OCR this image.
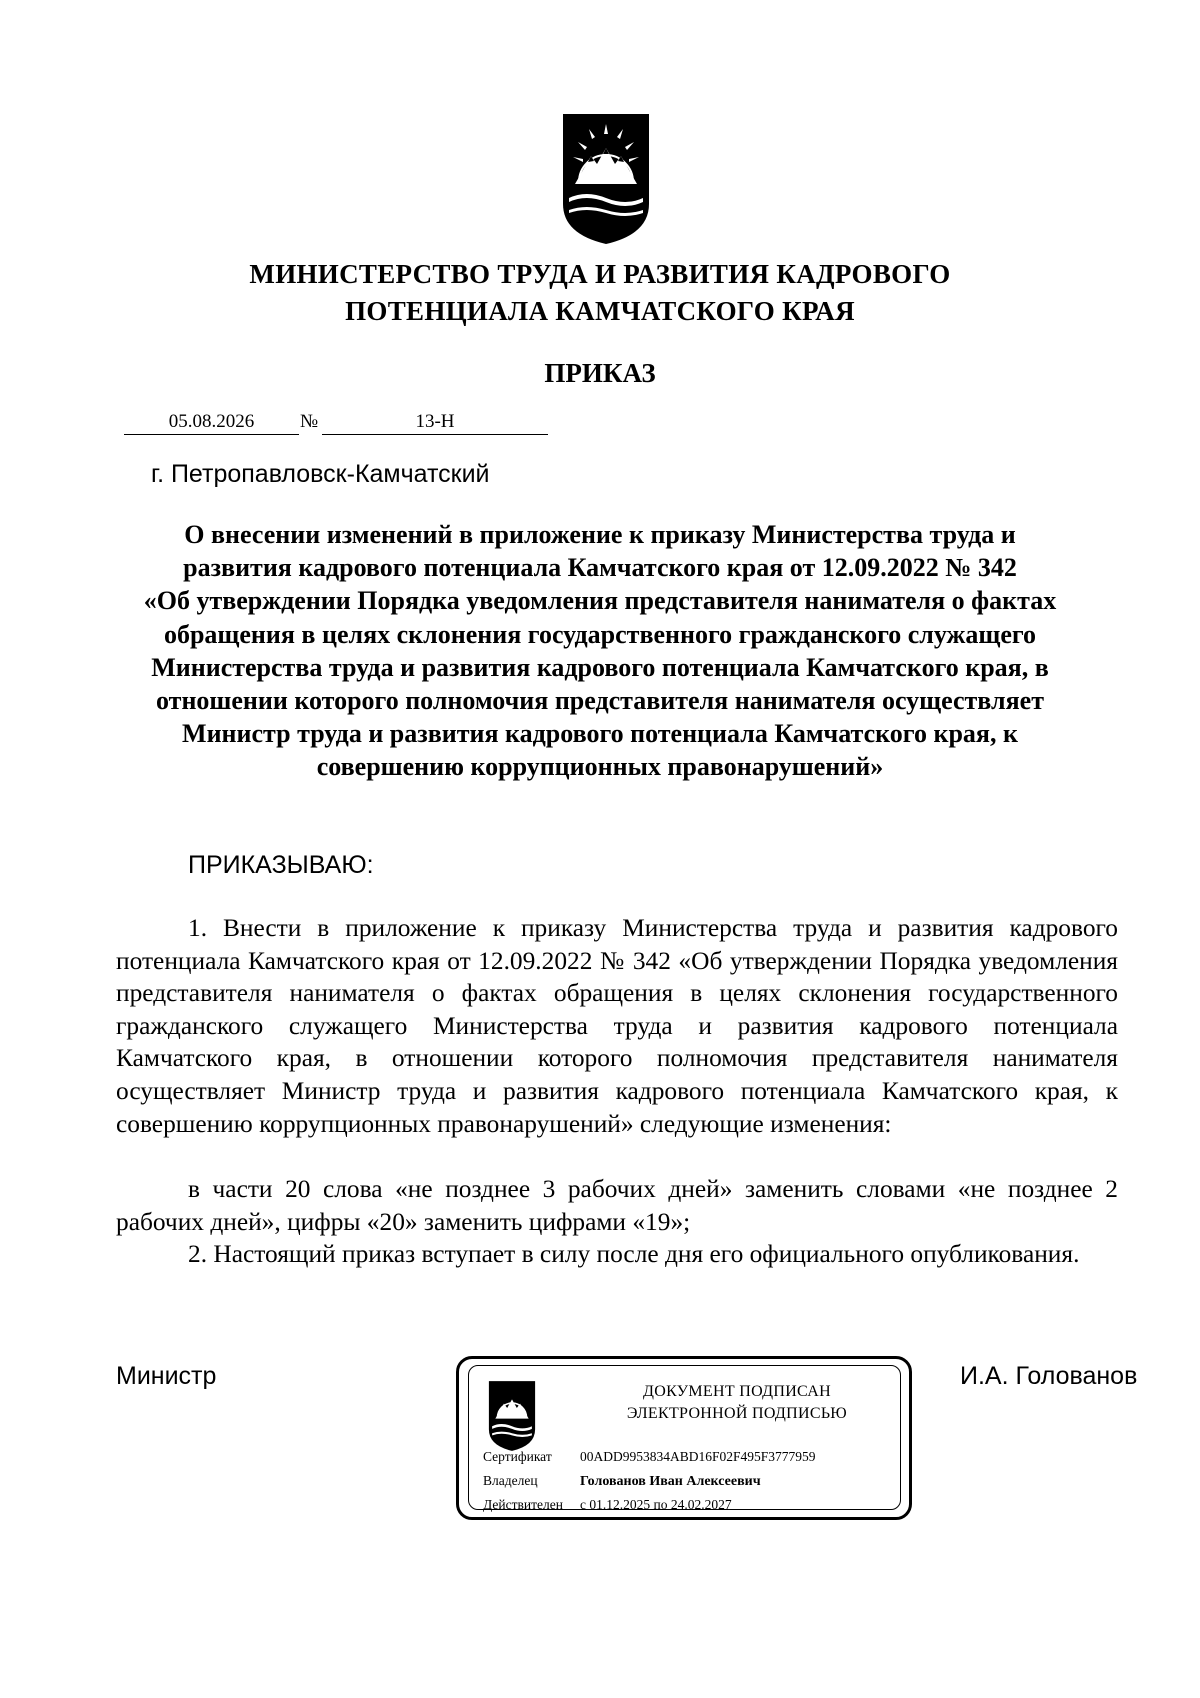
МИНИСТЕРСТВО ТРУДА И РАЗВИТИЯ КАДРОВОГО
ПОТЕНЦИАЛА КАМЧАТСКОГО КРАЯ
ПРИКАЗ
05.08.2026	№	13-Н
г. Петропавловск-Камчатский
О внесении изменений в приложение к приказу Министерства труда и
развития кадрового потенциала Камчатского края от 12.09.2022 № 342
«Об утверждении Порядка уведомления представителя нанимателя о фактах
обращения в целях склонения государственного гражданского служащего
Министерства труда и развития кадрового потенциала Камчатского края, в
отношении которого полномочия представителя нанимателя осуществляет
Министр труда и развития кадрового потенциала Камчатского края, к
совершению коррупционных правонарушений»
ПРИКАЗЫВАЮ:
1. Внести в приложение к приказу Министерства труда и развития кадрового потенциала Камчатского края от 12.09.2022 № 342 «Об утверждении Порядка уведомления представителя нанимателя о фактах обращения в целях склонения государственного гражданского служащего Министерства труда и развития кадрового потенциала Камчатского края, в отношении которого полномочия представителя нанимателя осуществляет Министр труда и развития кадрового потенциала Камчатского края, к совершению коррупционных правонарушений» следующие изменения:
в части 20 слова «не позднее 3 рабочих дней» заменить словами «не позднее 2 рабочих дней», цифры «20» заменить цифрами «19»;
2. Настоящий приказ вступает в силу после дня его официального опубликования.
Министр	И.А. Голованов
ДОКУМЕНТ ПОДПИСАН
ЭЛЕКТРОННОЙ ПОДПИСЬЮ
Сертификат 00ADD9953834ABD16F02F495F3777959
Владелец	Голованов Иван Алексеевич
Действителен с 01.12.2025 по 24.02.2027
